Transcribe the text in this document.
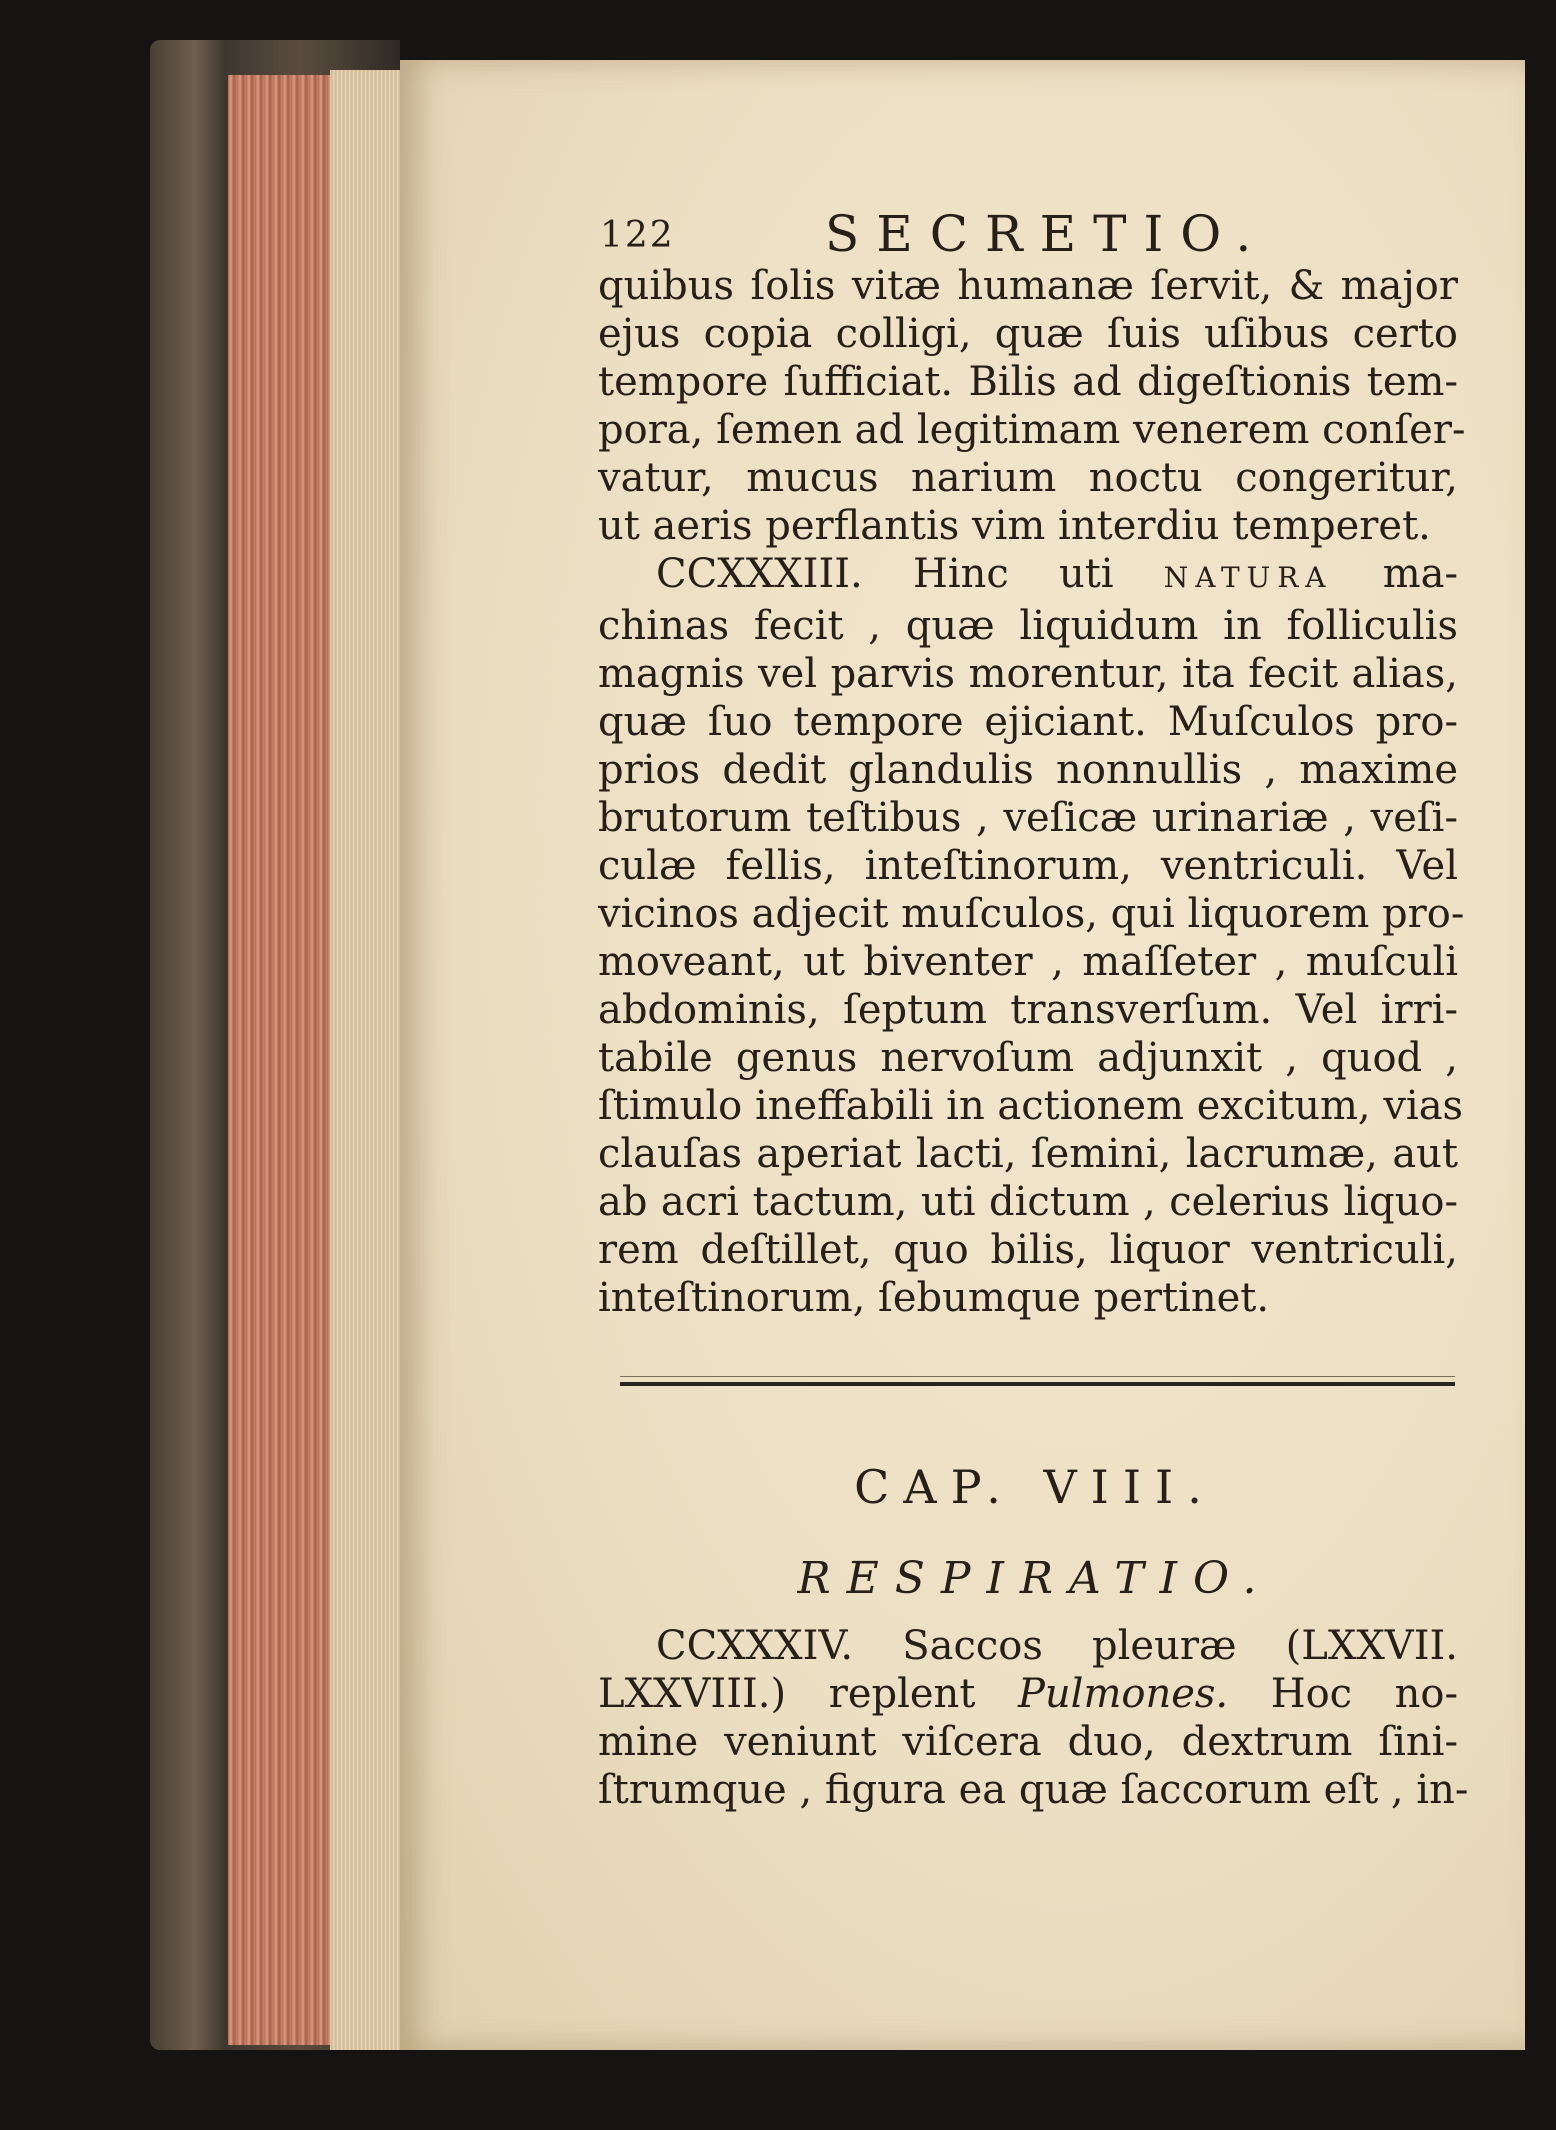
122	SECRETIO.
quibus ſolis vitæ humanæ ſervit, & major
ejus copia colligi, quæ ſuis uſibus certo
tempore ſufficiat. Bilis ad digeſtionis tem-
pora, ſemen ad legitimam venerem conſer-
vatur, mucus narium noctu congeritur,
ut aeris perflantis vim interdiu temperet.
CCXXXIII. Hinc uti NATURA ma-
chinas fecit , quæ liquidum in folliculis
magnis vel parvis morentur, ita fecit alias,
quæ ſuo tempore ejiciant. Muſculos pro-
prios dedit glandulis nonnullis , maxime
brutorum teſtibus , veſicæ urinariæ , veſi-
culæ fellis, inteſtinorum, ventriculi. Vel
vicinos adjecit muſculos, qui liquorem pro-
moveant, ut biventer , maſſeter , muſculi
abdominis, ſeptum transverſum. Vel irri-
tabile genus nervoſum adjunxit , quod ,
ſtimulo ineffabili in actionem excitum, vias
clauſas aperiat lacti, ſemini, lacrumæ, aut
ab acri tactum, uti dictum , celerius liquo-
rem deſtillet, quo bilis, liquor ventriculi,
inteſtinorum, ſebumque pertinet.
CAP. VIII.
RESPIRATIO.
CCXXXIV. Saccos pleuræ (LXXVII.
LXXVIII.) replent Pulmones. Hoc no-
mine veniunt viſcera duo, dextrum ſini-
ſtrumque , figura ea quæ ſaccorum eſt , in-
